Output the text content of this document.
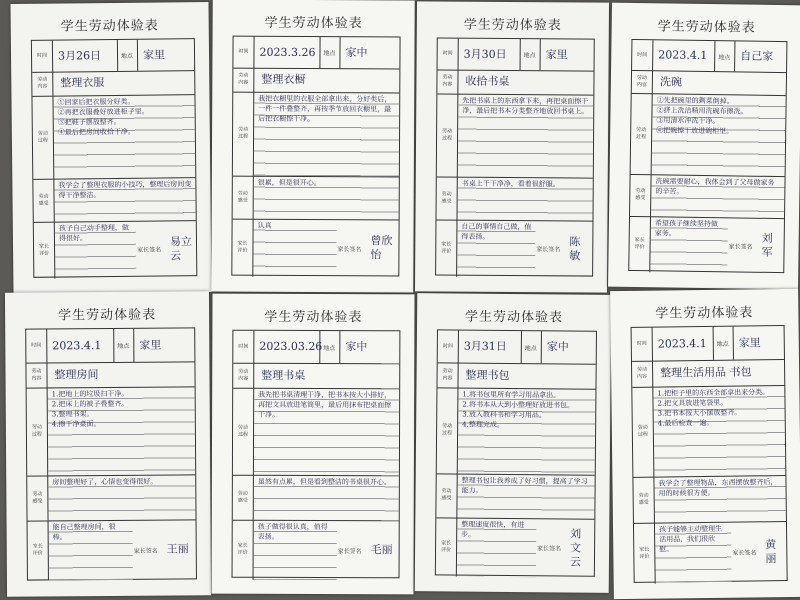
学生劳动体验表
时间 3月26日	地点 家里
劳动
内容	整理衣服
劳动
过程
①回家后把衣服分好类。
②再把衣服叠好放进柜子里。
③把鞋子摆放整齐。
④最后把房间收拾干净。
劳动
感受
我学会了整理衣服的小技巧，整理后房间变得干净整洁。
家长
评价
孩子自己动手整理，做得很好。
家长签名
易立云
学生劳动体验表
时间 2023.3.26	地点 家中
劳动
内容	整理衣橱
劳动
过程
我把衣橱里的衣服全部拿出来，分好类后，一件一件叠整齐，再按季节放回衣橱里，最后把衣橱擦干净。
劳动
感受
很累，但是很开心。
家长
评价
认真
家长签名
曾欣怡
学生劳动体验表
时间 3月30日	地点 家里
劳动
内容	收拾书桌
劳动
过程
先把书桌上的东西拿下来，再把桌面擦干净，最后把书本分类整齐地放回书桌上。
劳动
感受
书桌上干干净净，看着很舒服。
家长
评价
自己的事情自己做，值得表扬。
家长签名
陈敏
学生劳动体验表
时间 2023.4.1	地点 自己家
劳动
内容	洗碗
劳动
过程
①先把碗里的剩菜倒掉。
②挤上洗洁精用洗碗布擦洗。
③用清水冲洗干净。
④把碗擦干放进碗柜里。
劳动
感受
洗碗需要耐心，我体会到了父母做家务的辛苦。
家长
评价
希望孩子继续坚持做家务。
家长签名
刘军
学生劳动体验表
时间 2023.4.1	地点 家里
劳动
内容	整理房间
劳动
过程
1.把地上的垃圾扫干净。
2.把床上的被子叠整齐。
3.整理书架。
4.擦干净桌面。
劳动
感受
房间整理好了，心情也变得很好。
家长
评价
能自己整理房间，很棒。
家长签名 王丽
学生劳动体验表
时间 2023.03.26 地点 家中
劳动
内容	整理书桌
劳动
过程
我先把书桌清理干净，把书本按大小排好，再把文具放进笔筒里，最后用抹布把桌面擦干净。
劳动
感受
虽然有点累，但是看到整洁的书桌很开心。
家长
评价
孩子做得很认真，值得表扬。
家长签名 毛丽
学生劳动体验表
时间 3月31日	地点 家中
劳动
内容	整理书包
劳动
过程
1.将书包里所有学习用品拿出。
2.将书本从大到小整理好放进书包。
3.放入教科书和学习用品。
4.整理完成。
劳动
感受
整理书包让我养成了好习惯，提高了学习能力。
家长
评价
整理速度很快，有进步。
家长签名
刘文云
学生劳动体验表
时间 2023.4.1	地点 家里
劳动
内容	整理生活用品 书包
劳动
过程
1.把柜子里的东西全部拿出来分类。
2.把文具放进笔袋里。
3.把书本按大小摆放整齐。
4.最后检查一遍。
劳动
感受
我学会了整理物品，东西摆放整齐后，用的时候很方便。
家长
评价
孩子能够主动整理生活用品，我们很欣慰。	家长签名
黄丽
